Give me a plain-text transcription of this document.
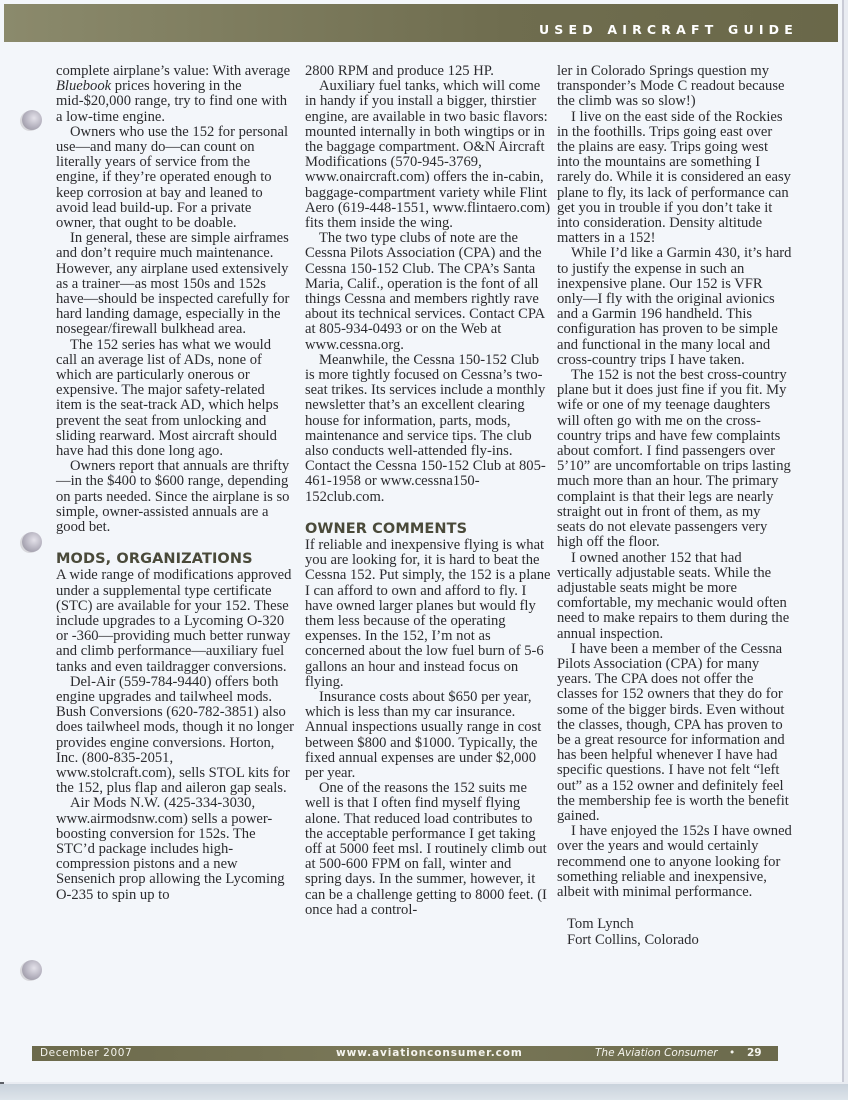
USED AIRCRAFT GUIDE

complete airplane’s value: With average Bluebook prices hovering in the mid-$20,000 range, try to find one with a low-time engine.

Owners who use the 152 for personal use—and many do—can count on literally years of service from the engine, if they’re operated enough to keep corrosion at bay and leaned to avoid lead build-up. For a private owner, that ought to be doable.

In general, these are simple airframes and don’t require much maintenance. However, any airplane used extensively as a trainer—as most 150s and 152s have—should be inspected carefully for hard landing damage, especially in the nosegear/firewall bulkhead area.

The 152 series has what we would call an average list of ADs, none of which are particularly onerous or expensive. The major safety-related item is the seat-track AD, which helps prevent the seat from unlocking and sliding rearward. Most aircraft should have had this done long ago.

Owners report that annuals are thrifty—in the $400 to $600 range, depending on parts needed. Since the airplane is so simple, owner-assisted annuals are a good bet.

MODS, ORGANIZATIONS

A wide range of modifications approved under a supplemental type certificate (STC) are available for your 152. These include upgrades to a Lycoming O-320 or -360—providing much better runway and climb performance—auxiliary fuel tanks and even taildragger conversions.

Del-Air (559-784-9440) offers both engine upgrades and tailwheel mods. Bush Conversions (620-782-3851) also does tailwheel mods, though it no longer provides engine conversions. Horton, Inc. (800-835-2051, www.stolcraft.com), sells STOL kits for the 152, plus flap and aileron gap seals.

Air Mods N.W. (425-334-3030, www.airmodsnw.com) sells a power-boosting conversion for 152s. The STC’d package includes high-compression pistons and a new Sensenich prop allowing the Lycoming O-235 to spin up to

2800 RPM and produce 125 HP.

Auxiliary fuel tanks, which will come in handy if you install a bigger, thirstier engine, are available in two basic flavors: mounted internally in both wingtips or in the baggage compartment. O&N Aircraft Modifications (570-945-3769, www.onaircraft.com) offers the in-cabin, baggage-compartment variety while Flint Aero (619-448-1551, www.flintaero.com) fits them inside the wing.

The two type clubs of note are the Cessna Pilots Association (CPA) and the Cessna 150-152 Club. The CPA’s Santa Maria, Calif., operation is the font of all things Cessna and members rightly rave about its technical services. Contact CPA at 805-934-0493 or on the Web at www.cessna.org.

Meanwhile, the Cessna 150-152 Club is more tightly focused on Cessna’s two-seat trikes. Its services include a monthly newsletter that’s an excellent clearing house for information, parts, mods, maintenance and service tips. The club also conducts well-attended fly-ins. Contact the Cessna 150-152 Club at 805-461-1958 or www.cessna150-152club.com.

OWNER COMMENTS

If reliable and inexpensive flying is what you are looking for, it is hard to beat the Cessna 152. Put simply, the 152 is a plane I can afford to own and afford to fly. I have owned larger planes but would fly them less because of the operating expenses. In the 152, I’m not as concerned about the low fuel burn of 5-6 gallons an hour and instead focus on flying.

Insurance costs about $650 per year, which is less than my car insurance. Annual inspections usually range in cost between $800 and $1000. Typically, the fixed annual expenses are under $2,000 per year.

One of the reasons the 152 suits me well is that I often find myself flying alone. That reduced load contributes to the acceptable performance I get taking off at 5000 feet msl. I routinely climb out at 500-600 FPM on fall, winter and spring days. In the summer, however, it can be a challenge getting to 8000 feet. (I once had a control-

ler in Colorado Springs question my transponder’s Mode C readout because the climb was so slow!)

I live on the east side of the Rockies in the foothills. Trips going east over the plains are easy. Trips going west into the mountains are something I rarely do. While it is considered an easy plane to fly, its lack of performance can get you in trouble if you don’t take it into consideration. Density altitude matters in a 152!

While I’d like a Garmin 430, it’s hard to justify the expense in such an inexpensive plane. Our 152 is VFR only—I fly with the original avionics and a Garmin 196 handheld. This configuration has proven to be simple and functional in the many local and cross-country trips I have taken.

The 152 is not the best cross-country plane but it does just fine if you fit. My wife or one of my teenage daughters will often go with me on the cross-country trips and have few complaints about comfort. I find passengers over 5’10” are uncomfortable on trips lasting much more than an hour. The primary complaint is that their legs are nearly straight out in front of them, as my seats do not elevate passengers very high off the floor.

I owned another 152 that had vertically adjustable seats. While the adjustable seats might be more comfortable, my mechanic would often need to make repairs to them during the annual inspection.

I have been a member of the Cessna Pilots Association (CPA) for many years. The CPA does not offer the classes for 152 owners that they do for some of the bigger birds. Even without the classes, though, CPA has proven to be a great resource for information and has been helpful whenever I have had specific questions. I have not felt “left out” as a 152 owner and definitely feel the membership fee is worth the benefit gained.

I have enjoyed the 152s I have owned over the years and would certainly recommend one to anyone looking for something reliable and inexpensive, albeit with minimal performance.

Tom Lynch
Fort Collins, Colorado
December 2007	www.aviationconsumer.com	The Aviation Consumer • 29
